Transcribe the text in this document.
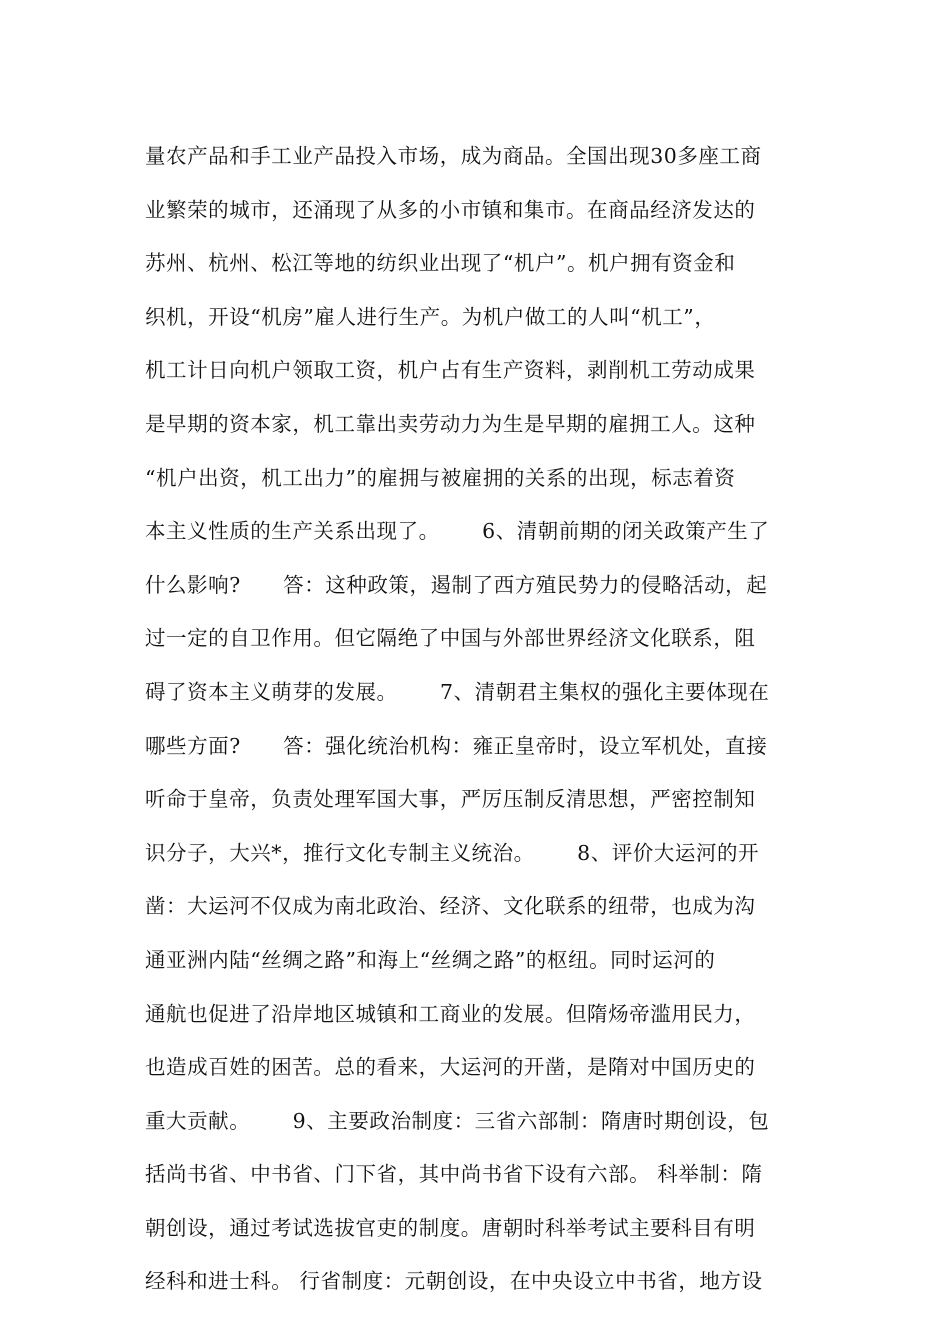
量农产品和手工业产品投入市场，成为商品。全国出现30多座工商
业繁荣的城市，还涌现了从多的小市镇和集市。在商品经济发达的
苏州、杭州、松江等地的纺织业出现了“机户”。机户拥有资金和
织机，开设“机房”雇人进行生产。为机户做工的人叫“机工”，
机工计日向机户领取工资，机户占有生产资料，剥削机工劳动成果
是早期的资本家，机工靠出卖劳动力为生是早期的雇拥工人。这种
“机户出资，机工出力”的雇拥与被雇拥的关系的出现，标志着资
本主义性质的生产关系出现了。      6、清朝前期的闭关政策产生了
什么影响?      答：这种政策，遏制了西方殖民势力的侵略活动，起
过一定的自卫作用。但它隔绝了中国与外部世界经济文化联系，阻
碍了资本主义萌芽的发展。      7、清朝君主集权的强化主要体现在
哪些方面?      答：强化统治机构：雍正皇帝时，设立军机处，直接
听命于皇帝，负责处理军国大事，严厉压制反清思想，严密控制知
识分子，大兴*，推行文化专制主义统治。      8、评价大运河的开
凿：大运河不仅成为南北政治、经济、文化联系的纽带，也成为沟
通亚洲内陆“丝绸之路”和海上“丝绸之路”的枢纽。同时运河的
通航也促进了沿岸地区城镇和工商业的发展。但隋炀帝滥用民力，
也造成百姓的困苦。总的看来，大运河的开凿，是隋对中国历史的
重大贡献。      9、主要政治制度：三省六部制：隋唐时期创设，包
括尚书省、中书省、门下省，其中尚书省下设有六部。 科举制：隋
朝创设，通过考试选拔官吏的制度。唐朝时科举考试主要科目有明
经科和进士科。 行省制度：元朝创设，在中央设立中书省，地方设
